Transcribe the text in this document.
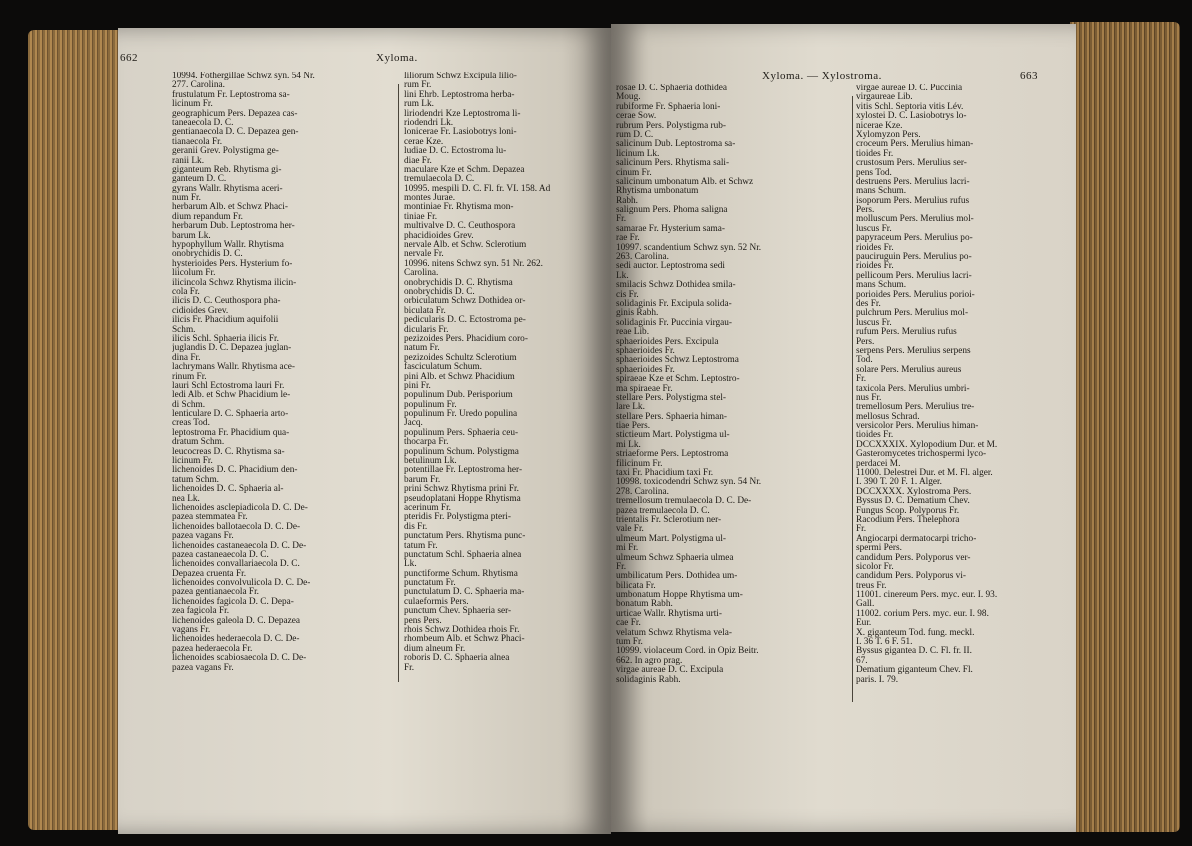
662	Xyloma.
Xyloma. — Xylostroma.	663
10994. Fothergillae Schwz syn. 54 Nr.
277. Carolina.
frustulatum Fr. Leptostroma sa-
licinum Fr.
geographicum Pers. Depazea cas-
taneaecola D. C.
gentianaecola D. C. Depazea gen-
tianaecola Fr.
geranii Grev. Polystigma ge-
ranii Lk.
giganteum Reb. Rhytisma gi-
ganteum D. C.
gyrans Wallr. Rhytisma aceri-
num Fr.
herbarum Alb. et Schwz Phaci-
dium repandum Fr.
herbarum Dub. Leptostroma her-
barum Lk.
hypophyllum Wallr. Rhytisma
onobrychidis D. C.
hysterioides Pers. Hysterium fo-
liicolum Fr.
ilicincola Schwz Rhytisma ilicin-
cola Fr.
ilicis D. C. Ceuthospora pha-
cidioides Grev.
ilicis Fr. Phacidium aquifolii
Schm.
ilicis Schl. Sphaeria ilicis Fr.
juglandis D. C. Depazea juglan-
dina Fr.
lachrymans Wallr. Rhytisma ace-
rinum Fr.
lauri Schl Ectostroma lauri Fr.
ledi Alb. et Schw Phacidium le-
di Schm.
lenticulare D. C. Sphaeria arto-
creas Tod.
leptostroma Fr. Phacidium qua-
dratum Schm.
leucocreas D. C. Rhytisma sa-
licinum Fr.
lichenoides D. C. Phacidium den-
tatum Schm.
lichenoides D. C. Sphaeria al-
nea Lk.
lichenoides asclepiadicola D. C. De-
pazea stemmatea Fr.
lichenoides ballotaecola D. C. De-
pazea vagans Fr.
lichenoides castaneaecola D. C. De-
pazea castaneaecola D. C.
lichenoides convallariaecola D. C.
Depazea cruenta Fr.
lichenoides convolvulicola D. C. De-
pazea gentianaecola Fr.
lichenoides fagicola D. C. Depa-
zea fagicola Fr.
lichenoides galeola D. C. Depazea
vagans Fr.
lichenoides hederaecola D. C. De-
pazea hederaecola Fr.
lichenoides scabiosaecola D. C. De-
pazea vagans Fr.
liliorum Schwz Excipula lilio-
rum Fr.
lini Ehrb. Leptostroma herba-
rum Lk.
liriodendri Kze Leptostroma li-
riodendri Lk.
lonicerae Fr. Lasiobotrys loni-
cerae Kze.
ludiae D. C. Ectostroma lu-
diae Fr.
maculare Kze et Schm. Depazea
tremulaecola D. C.
10995. mespili D. C. Fl. fr. VI. 158. Ad
montes Jurae.
montiniae Fr. Rhytisma mon-
tiniae Fr.
multivalve D. C. Ceuthospora
phacidioides Grev.
nervale Alb. et Schw. Sclerotium
nervale Fr.
10996. nitens Schwz syn. 51 Nr. 262.
Carolina.
onobrychidis D. C. Rhytisma
onobrychidis D. C.
orbiculatum Schwz Dothidea or-
biculata Fr.
pedicularis D. C. Ectostroma pe-
dicularis Fr.
pezizoides Pers. Phacidium coro-
natum Fr.
pezizoides Schultz Sclerotium
fasciculatum Schum.
pini Alb. et Schwz Phacidium
pini Fr.
populinum Dub. Perisporium
populinum Fr.
populinum Fr. Uredo populina
Jacq.
populinum Pers. Sphaeria ceu-
thocarpa Fr.
populinum Schum. Polystigma
betulinum Lk.
potentillae Fr. Leptostroma her-
barum Fr.
prini Schwz Rhytisma prini Fr.
pseudoplatani Hoppe Rhytisma
acerinum Fr.
pteridis Fr. Polystigma pteri-
dis Fr.
punctatum Pers. Rhytisma punc-
tatum Fr.
punctatum Schl. Sphaeria alnea
Lk.
punctiforme Schum. Rhytisma
punctatum Fr.
punctulatum D. C. Sphaeria ma-
culaeformis Pers.
punctum Chev. Sphaeria ser-
pens Pers.
rhois Schwz Dothidea rhois Fr.
rhombeum Alb. et Schwz Phaci-
dium alneum Fr.
roboris D. C. Sphaeria alnea
Fr.
rosae D. C. Sphaeria dothidea
Moug.
rubiforme Fr. Sphaeria loni-
cerae Sow.
rubrum Pers. Polystigma rub-
rum D. C.
salicinum Dub. Leptostroma sa-
licinum Lk.
salicinum Pers. Rhytisma sali-
cinum Fr.
salicinum umbonatum Alb. et Schwz
Rhytisma umbonatum
Rabh.
salignum Pers. Phoma saligna
Fr.
samarae Fr. Hysterium sama-
rae Fr.
10997. scandentium Schwz syn. 52 Nr.
263. Carolina.
sedi auctor. Leptostroma sedi
Lk.
smilacis Schwz Dothidea smila-
cis Fr.
solidaginis Fr. Excipula solida-
ginis Rabh.
solidaginis Fr. Puccinia virgau-
reae Lib.
sphaerioides Pers. Excipula
sphaerioides Fr.
sphaerioides Schwz Leptostroma
sphaerioides Fr.
spiraeae Kze et Schm. Leptostro-
ma spiraeae Fr.
stellare Pers. Polystigma stel-
lare Lk.
stellare Pers. Sphaeria himan-
tiae Pers.
stictieum Mart. Polystigma ul-
mi Lk.
striaeforme Pers. Leptostroma
filicinum Fr.
taxi Fr. Phacidium taxi Fr.
10998. toxicodendri Schwz syn. 54 Nr.
278. Carolina.
tremellosum tremulaecola D. C. De-
pazea tremulaecola D. C.
trientalis Fr. Sclerotium ner-
vale Fr.
ulmeum Mart. Polystigma ul-
mi Fr.
ulmeum Schwz Sphaeria ulmea
Fr.
umbilicatum Pers. Dothidea um-
bilicata Fr.
umbonatum Hoppe Rhytisma um-
bonatum Rabh.
urticae Wallr. Rhytisma urti-
cae Fr.
velatum Schwz Rhytisma vela-
tum Fr.
10999. violaceum Cord. in Opiz Beitr.
662. In agro prag.
virgae aureae D. C. Excipula
solidaginis Rabh.
virgae aureae D. C. Puccinia
virgaureae Lib.
vitis Schl. Septoria vitis Lév.
xylostei D. C. Lasiobotrys lo-
nicerae Kze.
Xylomyzon Pers.
croceum Pers. Merulius himan-
tioides Fr.
crustosum Pers. Merulius ser-
pens Tod.
destruens Pers. Merulius lacri-
mans Schum.
isoporum Pers. Merulius rufus
Pers.
molluscum Pers. Merulius mol-
luscus Fr.
papyraceum Pers. Merulius po-
rioides Fr.
pauciruguin Pers. Merulius po-
rioides Fr.
pellicoum Pers. Merulius lacri-
mans Schum.
porioides Pers. Merulius porioi-
des Fr.
pulchrum Pers. Merulius mol-
luscus Fr.
rufum Pers. Merulius rufus
Pers.
serpens Pers. Merulius serpens
Tod.
solare Pers. Merulius aureus
Fr.
taxicola Pers. Merulius umbri-
nus Fr.
tremellosum Pers. Merulius tre-
mellosus Schrad.
versicolor Pers. Merulius himan-
tioides Fr.
DCCXXXIX. Xylopodium Dur. et M.
Gasteromycetes trichospermi lyco-
perdacei M.
11000. Delestrei Dur. et M. Fl. alger.
I. 390 T. 20 F. 1. Alger.
DCCXXXX. Xylostroma Pers.
Byssus D. C. Dematium Chev.
Fungus Scop. Polyporus Fr.
Racodium Pers. Thelephora
Fr.
Angiocarpi dermatocarpi tricho-
spermi Pers.
candidum Pers. Polyporus ver-
sicolor Fr.
candidum Pers. Polyporus vi-
treus Fr.
11001. cinereum Pers. myc. eur. I. 93.
Gall.
11002. corium Pers. myc. eur. I. 98.
Eur.
X. giganteum Tod. fung. meckl.
I. 36 T. 6 F. 51.
Byssus gigantea D. C. Fl. fr. II.
67.
Dematium giganteum Chev. Fl.
paris. I. 79.
